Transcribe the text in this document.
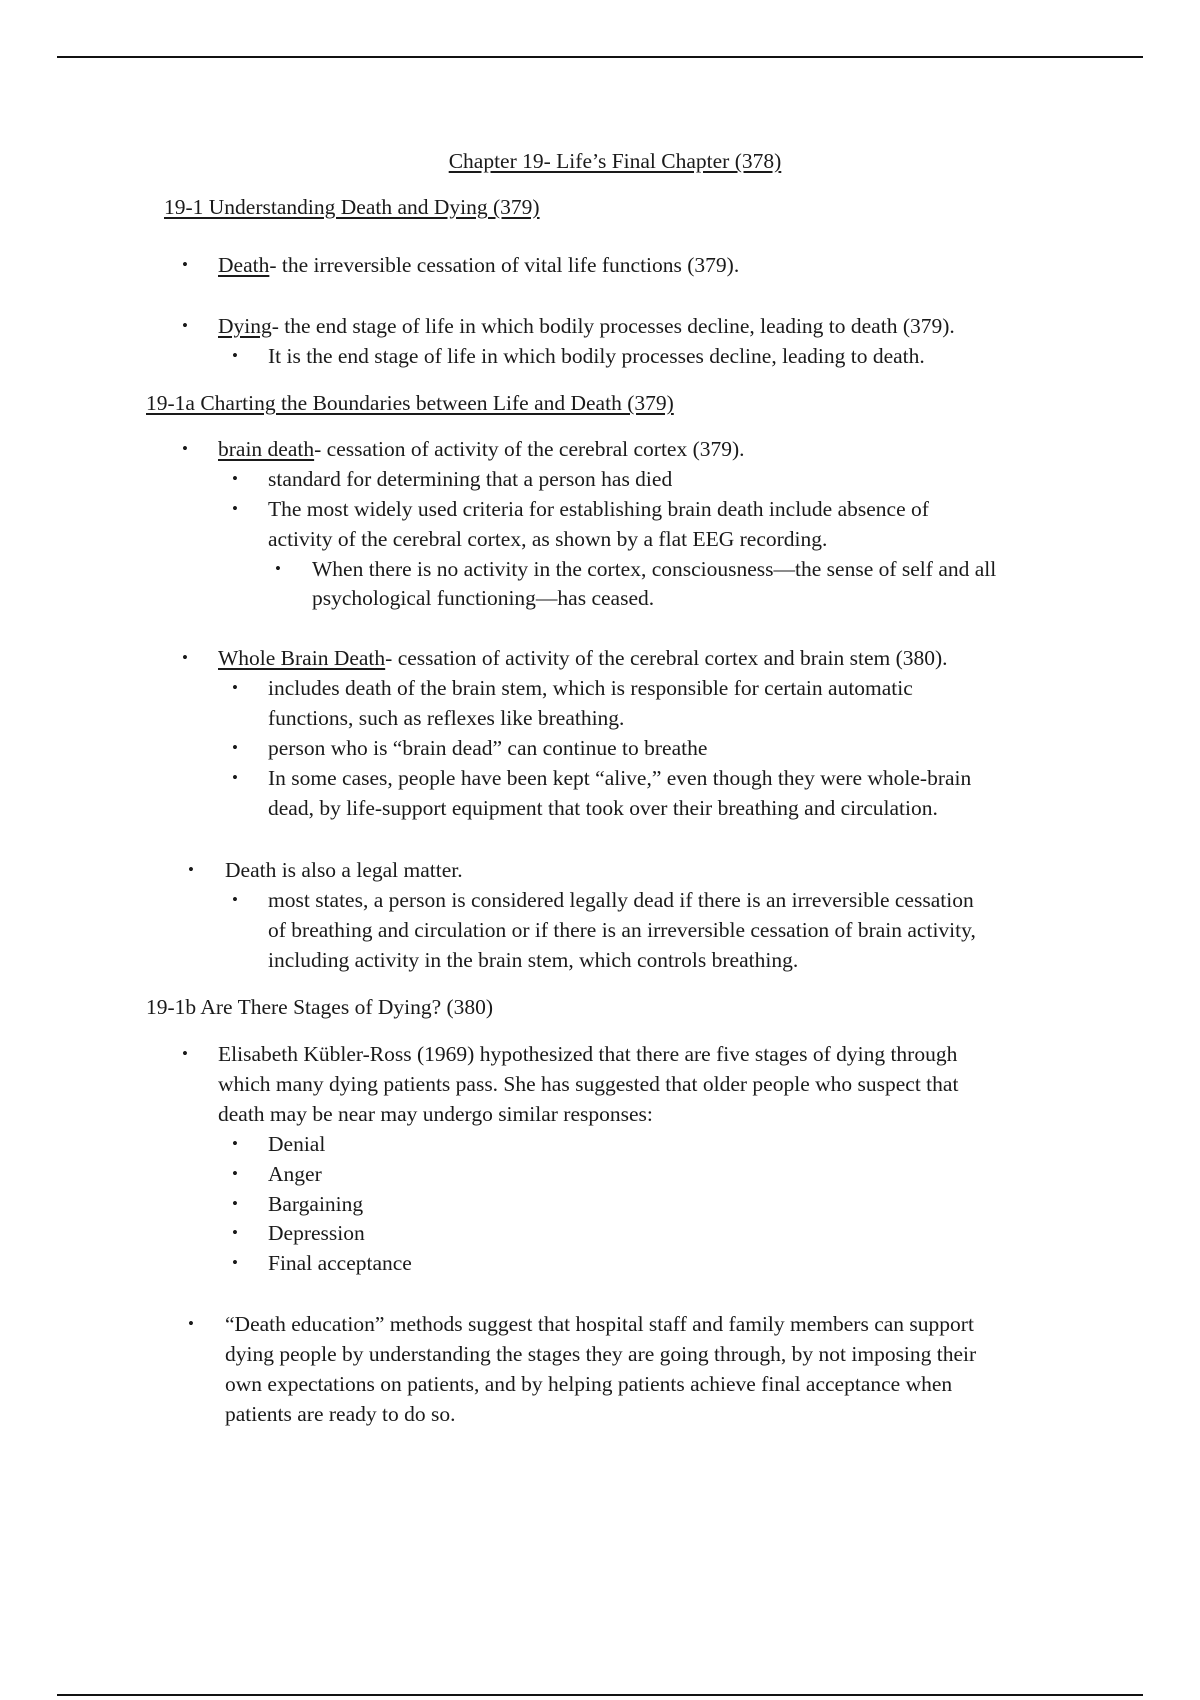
Chapter 19- Life’s Final Chapter (378)
19-1 Understanding Death and Dying (379)
• Death- the irreversible cessation of vital life functions (379).
• Dying- the end stage of life in which bodily processes decline, leading to death (379).
• It is the end stage of life in which bodily processes decline, leading to death.
19-1a Charting the Boundaries between Life and Death (379)
• brain death- cessation of activity of the cerebral cortex (379).
• standard for determining that a person has died
• The most widely used criteria for establishing brain death include absence of
activity of the cerebral cortex, as shown by a flat EEG recording.
• When there is no activity in the cortex, consciousness—the sense of self and all
psychological functioning—has ceased.
• Whole Brain Death- cessation of activity of the cerebral cortex and brain stem (380).
• includes death of the brain stem, which is responsible for certain automatic
functions, such as reflexes like breathing.
• person who is “brain dead” can continue to breathe
• In some cases, people have been kept “alive,” even though they were whole-brain
dead, by life-support equipment that took over their breathing and circulation.
• Death is also a legal matter.
• most states, a person is considered legally dead if there is an irreversible cessation
of breathing and circulation or if there is an irreversible cessation of brain activity,
including activity in the brain stem, which controls breathing.
19-1b Are There Stages of Dying? (380)
• Elisabeth Kübler-Ross (1969) hypothesized that there are five stages of dying through
which many dying patients pass. She has suggested that older people who suspect that
death may be near may undergo similar responses:
• Denial
• Anger
• Bargaining
• Depression
• Final acceptance
• “Death education” methods suggest that hospital staff and family members can support
dying people by understanding the stages they are going through, by not imposing their
own expectations on patients, and by helping patients achieve final acceptance when
patients are ready to do so.
